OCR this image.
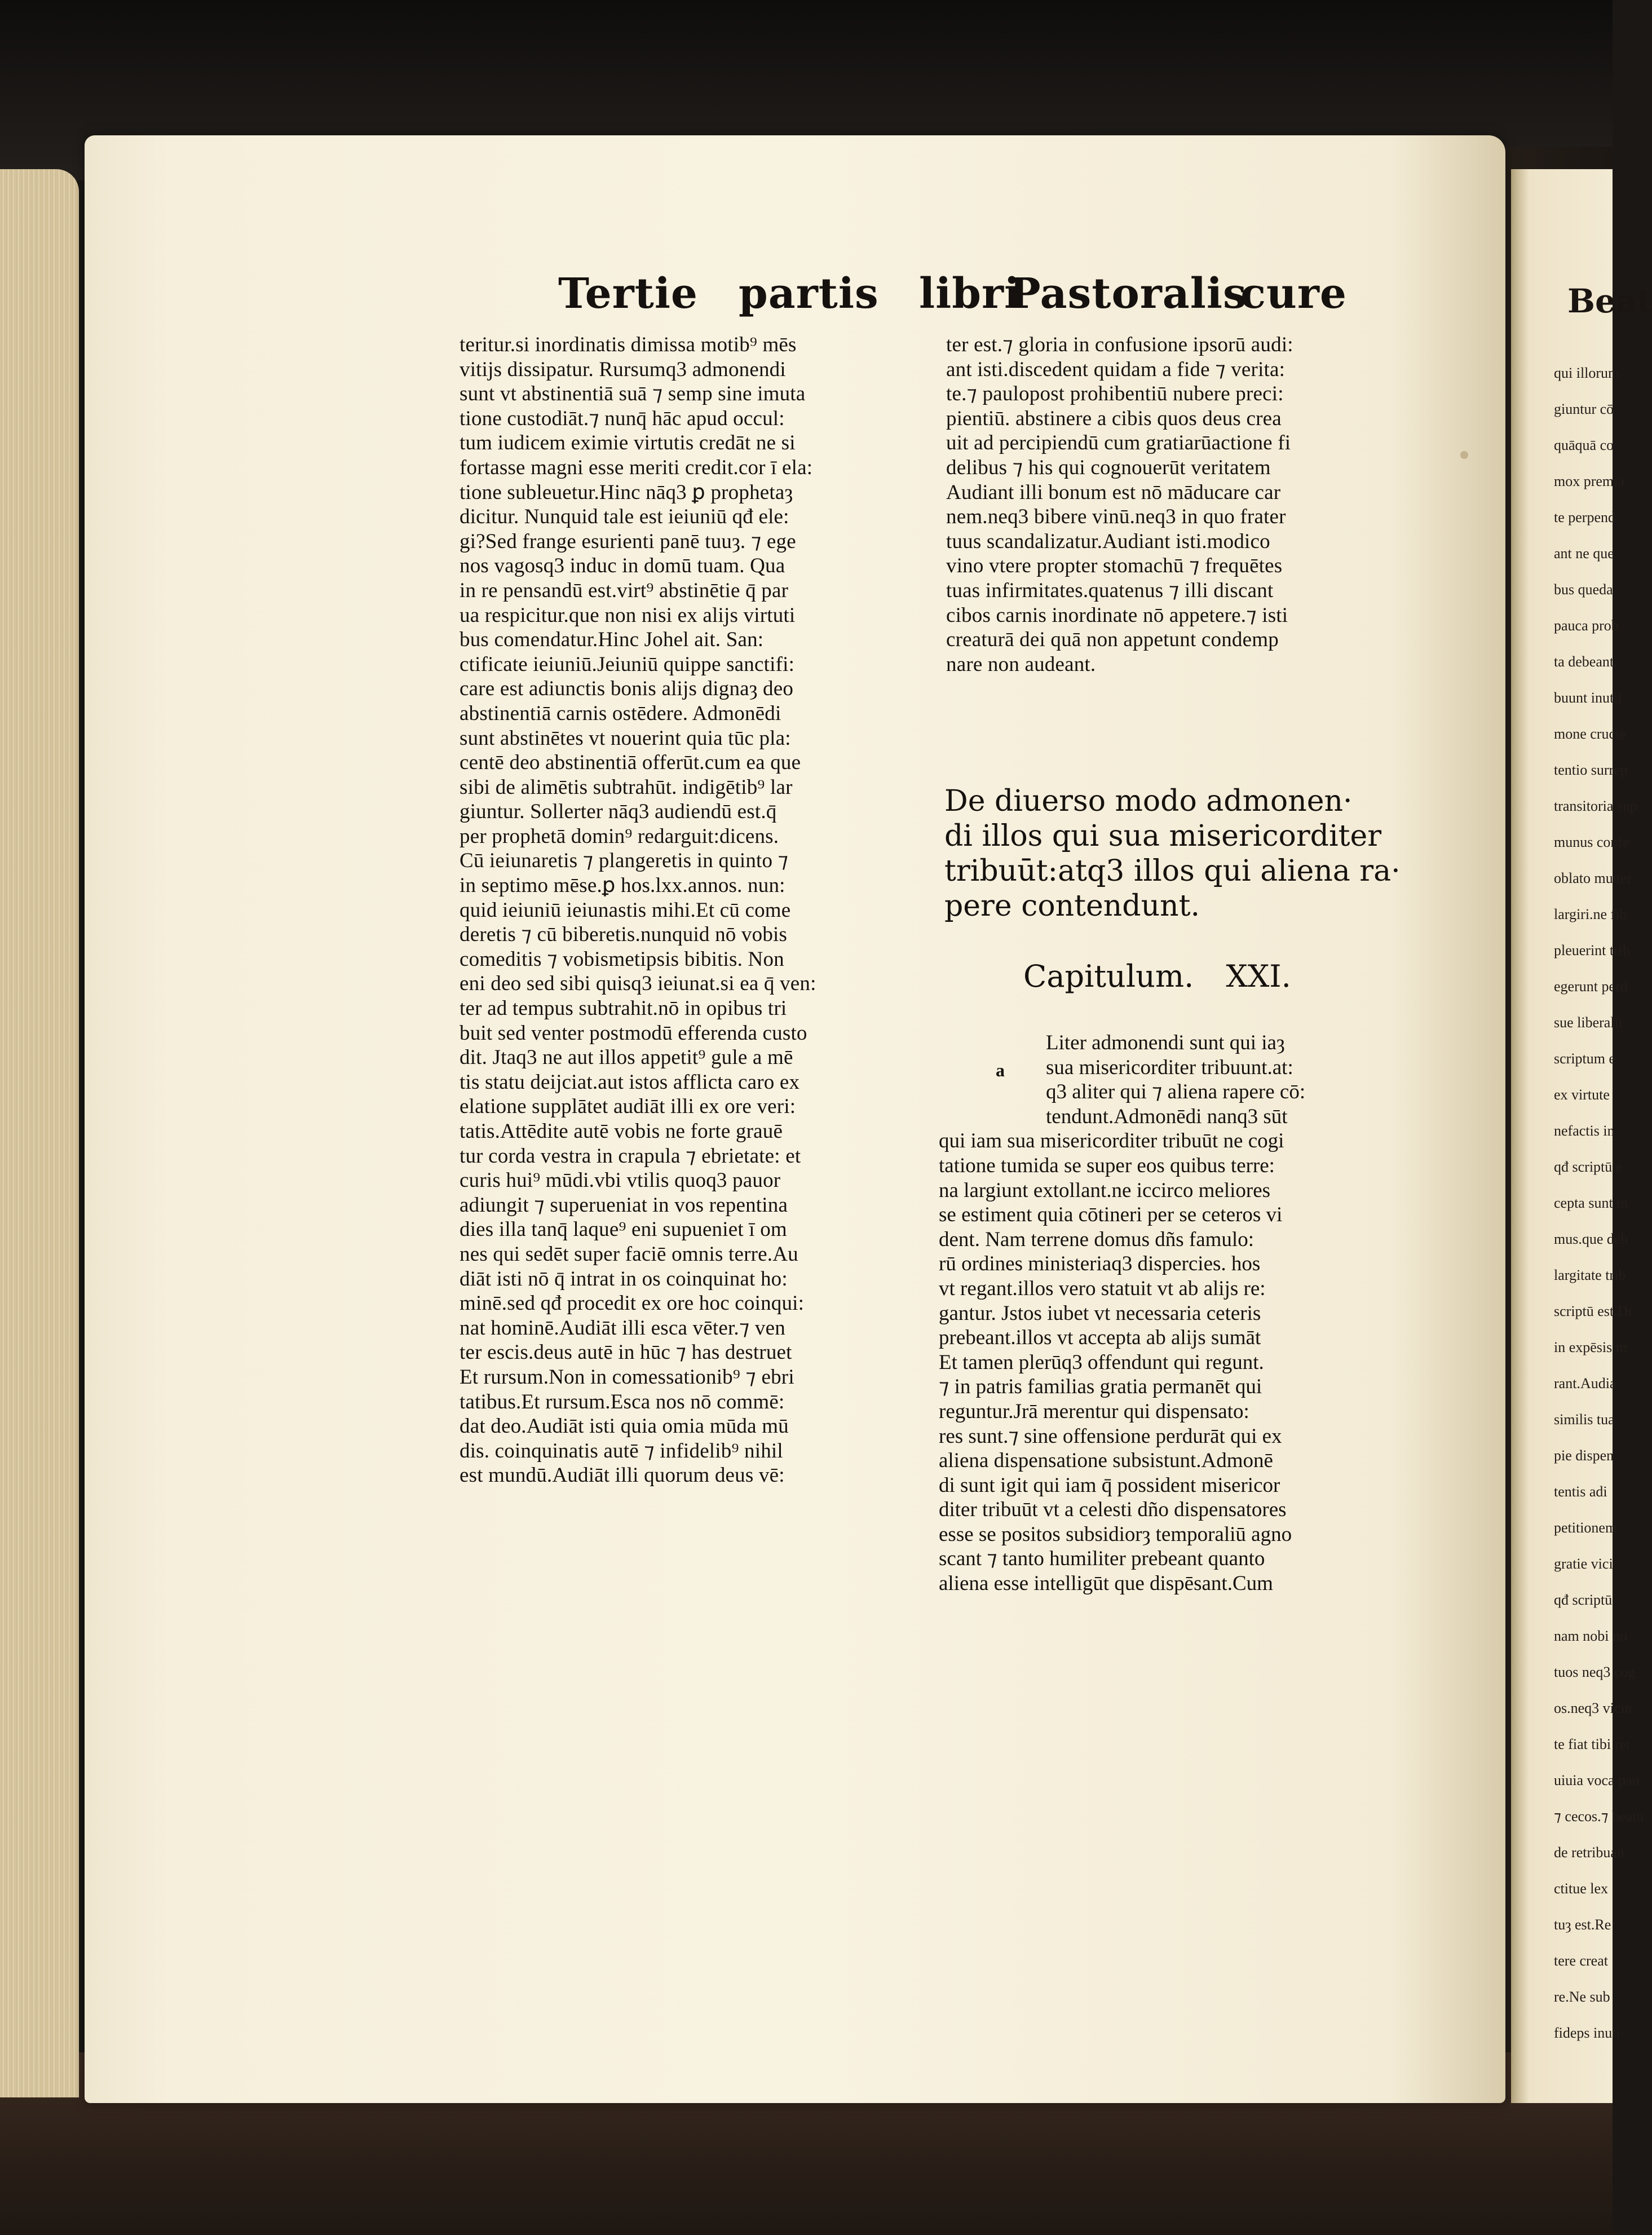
Beat
qui illorum
giuntur cō
quāquā co
mox premia
te perpend
ant ne que
bus queda
pauca prob
ta debeant.
buunt inutil
mone crucie
tentio surrep
transitoria sup
munus confe
oblato muner
largiri.ne fib
pleuerint trib
egerunt perd
sue liberalit
scriptum e
ex virtute
nefactis in
qđ scriptū e
cepta sunt m
mus.que deb
largitate trib
scriptū est.Dr
in expēsis m
rant.Audia
similis tua
pie dispen
tentis adi
petitionem
gratie vici
qđ scriptū
nam nobi no
tuos neq3 cog
os.neq3 vicin
te fiat tibi ret
uiuia voca pau
⁊ cecos.⁊ beatu
de retribuan
ctitue lex
tuȝ est.Re
tere creat
re.Ne sub
fideps inuti
Tertie partis libri
Pastoralis
cure
teritur.si inordinatis dimissa motib⁹ mēs
vitijs dissipatur. Rursumq3 admonendi
sunt vt abstinentiā suā ⁊ semp sine imuta
tione custodiāt.⁊ nunq̄ hāc apud occul:
tum iudicem eximie virtutis credāt ne si
fortasse magni esse meriti credit.cor ī ela:
tione subleuetur.Hinc nāq3 ꝑ prophetaȝ
dicitur. Nunquid tale est ieiuniū qđ ele:
gi?Sed frange esurienti panē tuuȝ. ⁊ ege
nos vagosq3 induc in domū tuam. Qua
in re pensandū est.virt⁹ abstinētie q̄ par
ua respicitur.que non nisi ex alijs virtuti
bus comendatur.Hinc Johel ait. San:
ctificate ieiuniū.Jeiuniū quippe sanctifi:
care est adiunctis bonis alijs dignaȝ deo
abstinentiā carnis ostēdere. Admonēdi
sunt abstinētes vt nouerint quia tūc pla:
centē deo abstinentiā offerūt.cum ea que
sibi de alimētis subtrahūt. indigētib⁹ lar
giuntur. Sollerter nāq3 audiendū est.q̄
per prophetā domin⁹ redarguit:dicens.
Cū ieiunaretis ⁊ plangeretis in quinto ⁊
in septimo mēse.ꝑ hos.lxx.annos. nun:
quid ieiuniū ieiunastis mihi.Et cū come
deretis ⁊ cū biberetis.nunquid nō vobis
comeditis ⁊ vobismetipsis bibitis. Non
eni deo sed sibi quisq3 ieiunat.si ea q̄ ven:
ter ad tempus subtrahit.nō in opibus tri
buit sed venter postmodū efferenda custo
dit. Jtaq3 ne aut illos appetit⁹ gule a mē
tis statu deijciat.aut istos afflicta caro ex
elatione supplātet audiāt illi ex ore veri:
tatis.Attēdite autē vobis ne forte grauē
tur corda vestra in crapula ⁊ ebrietate: et
curis hui⁹ mūdi.vbi vtilis quoq3 pauor
adiungit ⁊ superueniat in vos repentina
dies illa tanq̄ laque⁹ eni supueniet ī om
nes qui sedēt super faciē omnis terre.Au
diāt isti nō q̄ intrat in os coinquinat ho:
minē.sed qđ procedit ex ore hoc coinqui:
nat hominē.Audiāt illi esca vēter.⁊ ven
ter escis.deus autē in hūc ⁊ has destruet
Et rursum.Non in comessationib⁹ ⁊ ebri
tatibus.Et rursum.Esca nos nō commē:
dat deo.Audiāt isti quia omia mūda mū
dis. coinquinatis autē ⁊ infidelib⁹ nihil
est mundū.Audiāt illi quorum deus vē:
ter est.⁊ gloria in confusione ipsorū audi:
ant isti.discedent quidam a fide ⁊ verita:
te.⁊ paulopost prohibentiū nubere preci:
pientiū. abstinere a cibis quos deus crea
uit ad percipiendū cum gratiarūactione fi
delibus ⁊ his qui cognouerūt veritatem
Audiant illi bonum est nō māducare car
nem.neq3 bibere vinū.neq3 in quo frater
tuus scandalizatur.Audiant isti.modico
vino vtere propter stomachū ⁊ frequētes
tuas infirmitates.quatenus ⁊ illi discant
cibos carnis inordinate nō appetere.⁊ isti
creaturā dei quā non appetunt condemp
nare non audeant.
De diuerso modo admonen·
di illos qui sua misericorditer
tribuūt:atq3 illos qui aliena ra·
pere contendunt.
Capitulum. XXI.
a
Liter admonendi sunt qui iaȝ
sua misericorditer tribuunt.at:
q3 aliter qui ⁊ aliena rapere cō:
tendunt.Admonēdi nanq3 sūt
qui iam sua misericorditer tribuūt ne cogi
tatione tumida se super eos quibus terre:
na largiunt extollant.ne iccirco meliores
se estiment quia cōtineri per se ceteros vi
dent. Nam terrene domus dñs famulo:
rū ordines ministeriaq3 dispercies. hos
vt regant.illos vero statuit vt ab alijs re:
gantur. Jstos iubet vt necessaria ceteris
prebeant.illos vt accepta ab alijs sumāt
Et tamen plerūq3 offendunt qui regunt.
⁊ in patris familias gratia permanēt qui
reguntur.Jrā merentur qui dispensato:
res sunt.⁊ sine offensione perdurāt qui ex
aliena dispensatione subsistunt.Admonē
di sunt igit qui iam q̄ possident misericor
diter tribuūt vt a celesti dño dispensatores
esse se positos subsidiorȝ temporaliū agno
scant ⁊ tanto humiliter prebeant quanto
aliena esse intelligūt que dispēsant.Cum
